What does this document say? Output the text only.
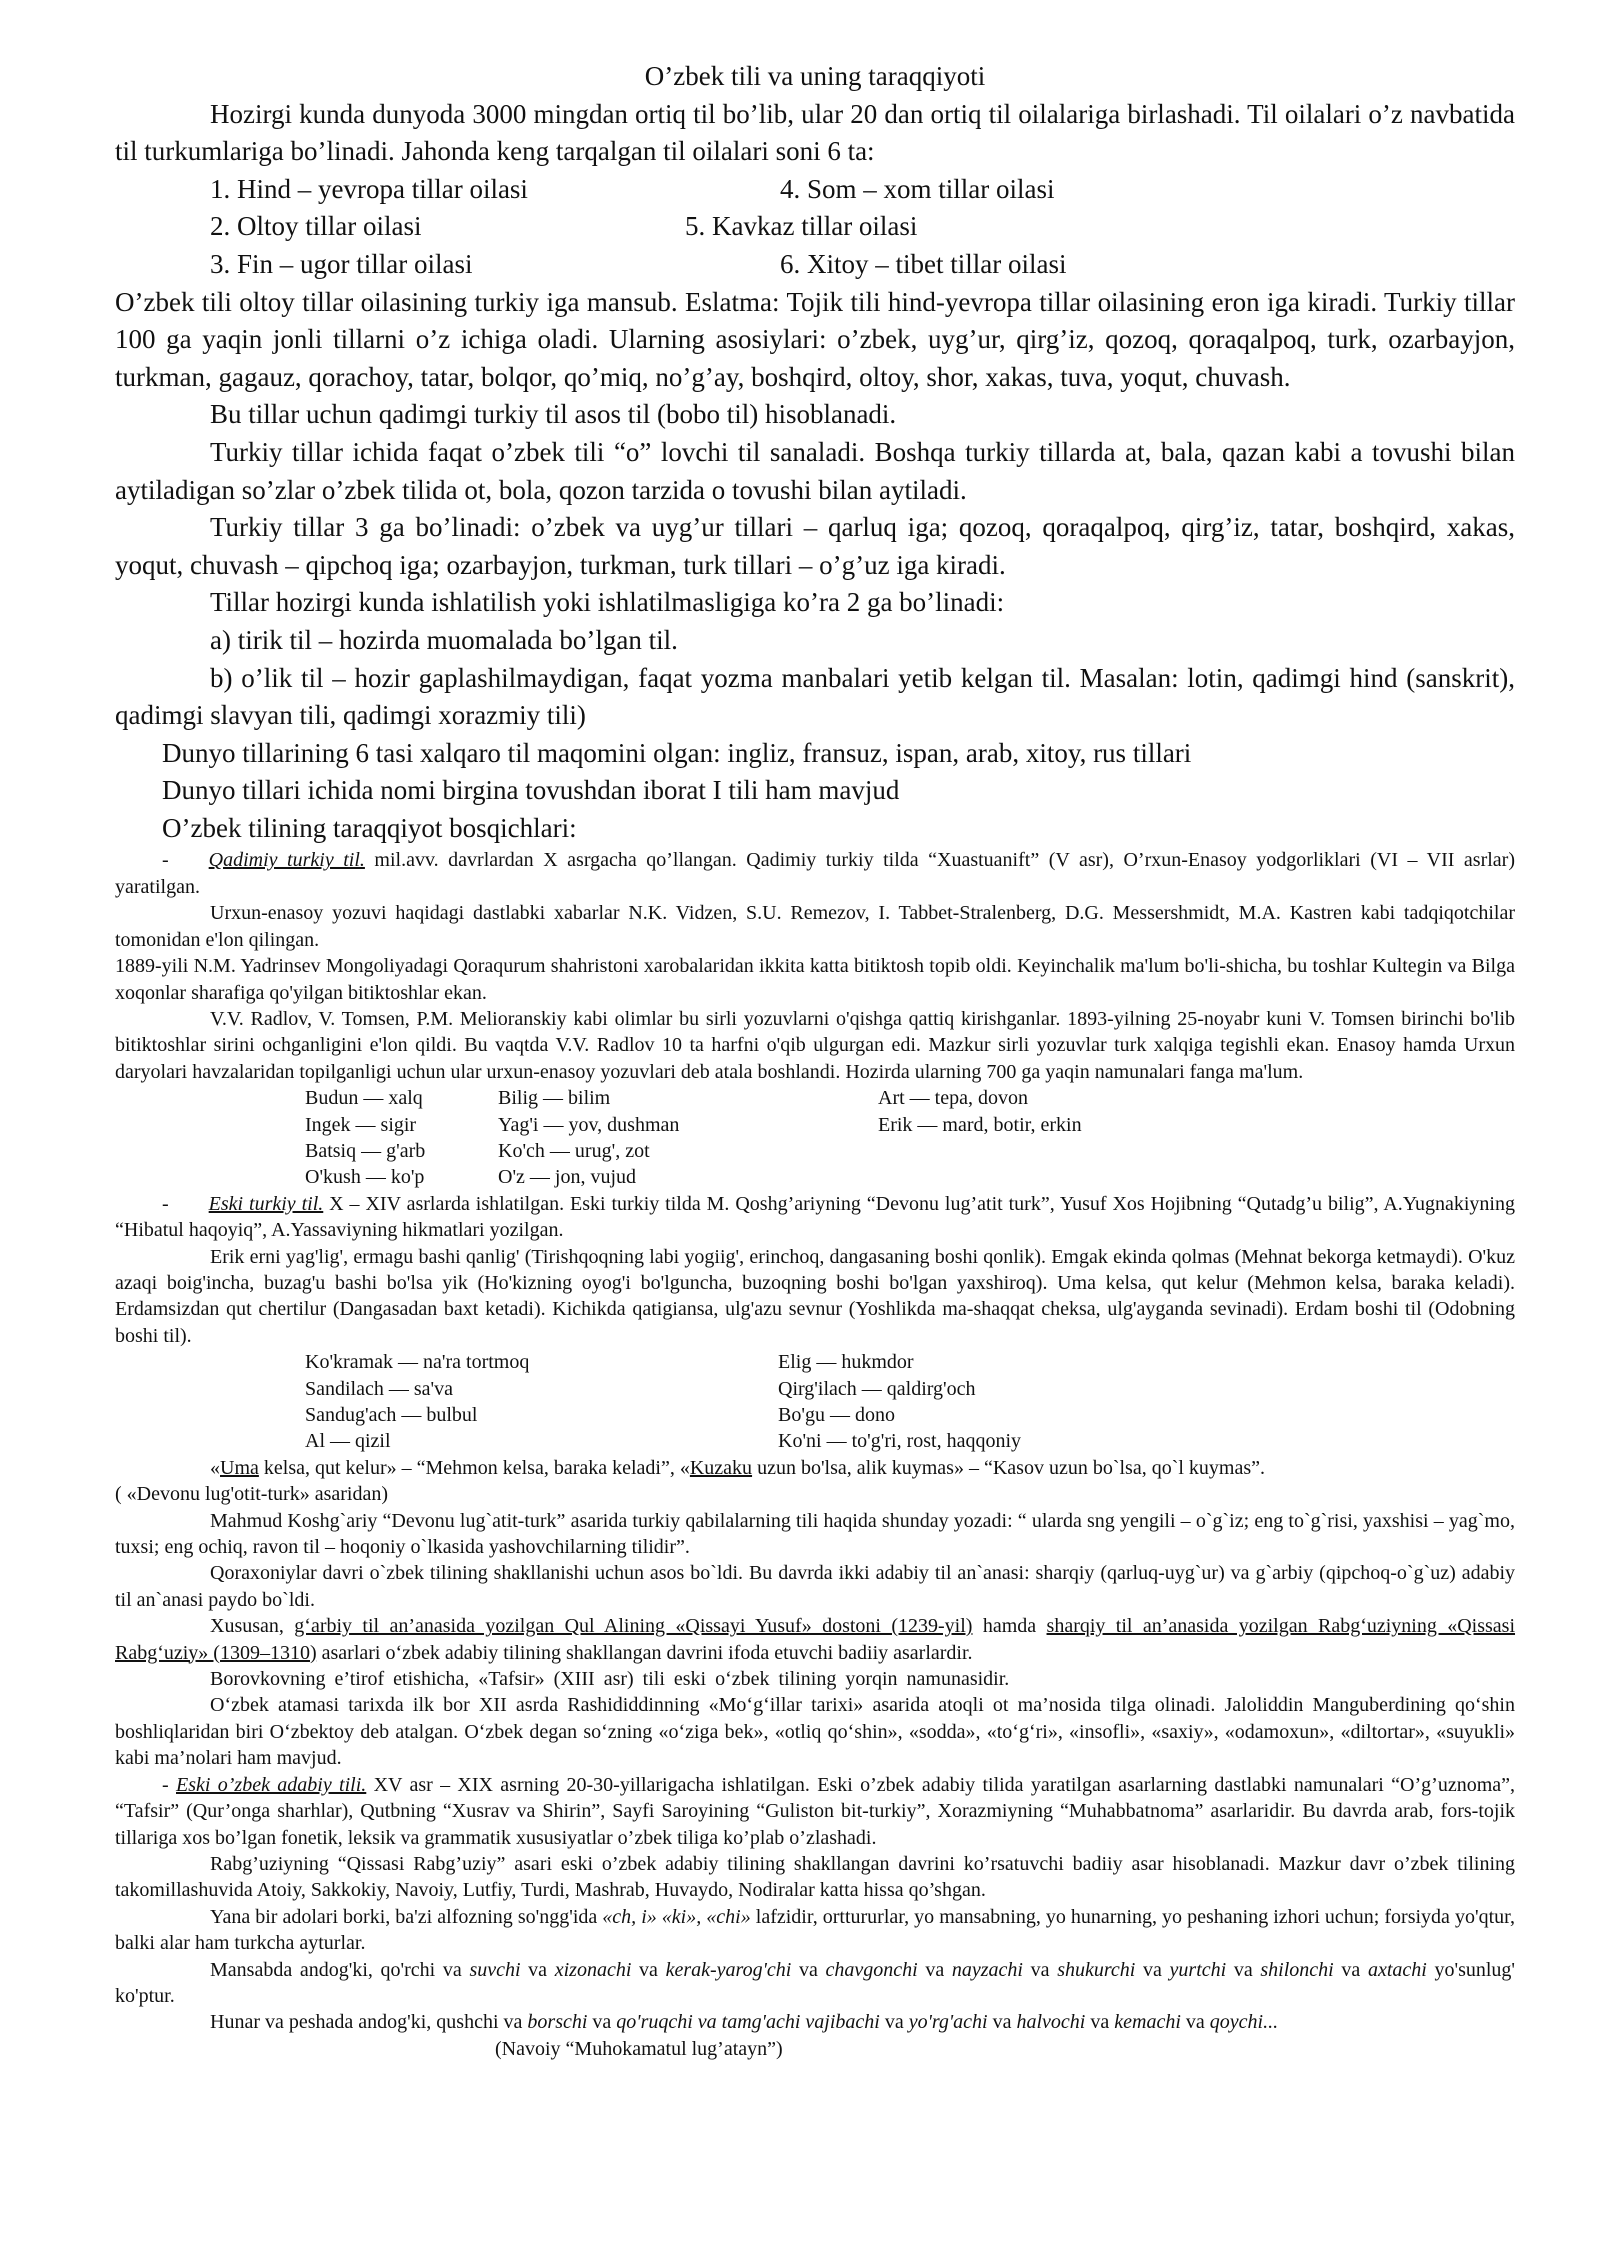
O’zbek tili va uning taraqqiyoti

Hozirgi kunda dunyoda 3000 mingdan ortiq til bo’lib, ular 20 dan ortiq til oilalariga birlashadi. Til oilalari o’z navbatida til turkumlariga bo’linadi. Jahonda keng tarqalgan til oilalari soni 6 ta:

1. Hind – yevropa tillar oilasi	4. Som – xom tillar oilasi
2. Oltoy tillar oilasi	5. Kavkaz tillar oilasi
3. Fin – ugor tillar oilasi	6. Xitoy – tibet tillar oilasi

O’zbek tili oltoy tillar oilasining turkiy iga mansub. Eslatma: Tojik tili hind-yevropa tillar oilasining eron iga kiradi. Turkiy tillar 100 ga yaqin jonli tillarni o’z ichiga oladi. Ularning asosiylari: o’zbek, uyg’ur, qirg’iz, qozoq, qoraqalpoq, turk, ozarbayjon, turkman, gagauz, qorachoy, tatar, bolqor, qo’miq, no’g’ay, boshqird, oltoy, shor, xakas, tuva, yoqut, chuvash.

Bu tillar uchun qadimgi turkiy til asos til (bobo til) hisoblanadi.

Turkiy tillar ichida faqat o’zbek tili “o” lovchi til sanaladi. Boshqa turkiy tillarda at, bala, qazan kabi a tovushi bilan aytiladigan so’zlar o’zbek tilida ot, bola, qozon tarzida o tovushi bilan aytiladi.

Turkiy tillar 3 ga bo’linadi: o’zbek va uyg’ur tillari – qarluq iga; qozoq, qoraqalpoq, qirg’iz, tatar, boshqird, xakas, yoqut, chuvash – qipchoq iga; ozarbayjon, turkman, turk tillari – o’g’uz iga kiradi.

Tillar hozirgi kunda ishlatilish yoki ishlatilmasligiga ko’ra 2 ga bo’linadi:

a) tirik til – hozirda muomalada bo’lgan til.

b) o’lik til – hozir gaplashilmaydigan, faqat yozma manbalari yetib kelgan til. Masalan: lotin, qadimgi hind (sanskrit), qadimgi slavyan tili, qadimgi xorazmiy tili)

Dunyo tillarining 6 tasi xalqaro til maqomini olgan: ingliz, fransuz, ispan, arab, xitoy, rus tillari

Dunyo tillari ichida nomi birgina tovushdan iborat I tili ham mavjud

O’zbek tilining taraqqiyot bosqichlari:

- Qadimiy turkiy til. mil.avv. davrlardan X asrgacha qo’llangan. Qadimiy turkiy tilda “Xuastuanift” (V asr), O’rxun-Enasoy yodgorliklari (VI – VII asrlar) yaratilgan.

Urxun-enasoy yozuvi haqidagi dastlabki xabarlar N.K. Vidzen, S.U. Remezov, I. Tabbet-Stralenberg, D.G. Messershmidt, M.A. Kastren kabi tadqiqotchilar tomonidan e'lon qilingan.

1889-yili N.M. Yadrinsev Mongoliyadagi Qoraqurum shahristoni xarobalaridan ikkita katta bitiktosh topib oldi. Keyinchalik ma'lum bo'li-shicha, bu toshlar Kultegin va Bilga xoqonlar sharafiga qo'yilgan bitiktoshlar ekan.

V.V. Radlov, V. Tomsen, P.M. Melioranskiy kabi olimlar bu sirli yozuvlarni o'qishga qattiq kirishganlar. 1893-yilning 25-noyabr kuni V. Tomsen birinchi bo'lib bitiktoshlar sirini ochganligini e'lon qildi. Bu vaqtda V.V. Radlov 10 ta harfni o'qib ulgurgan edi. Mazkur sirli yozuvlar turk xalqiga tegishli ekan. Enasoy hamda Urxun daryolari havzalaridan topilganligi uchun ular urxun-enasoy yozuvlari deb atala boshlandi. Hozirda ularning 700 ga yaqin namunalari fanga ma'lum.

Budun — xalq	Bilig — bilim	Art — tepa, dovon
Ingek — sigir	Yag'i — yov, dushman	Erik — mard, botir, erkin
Batsiq — g'arb	Ko'ch — urug', zot
O'kush — ko'p	O'z — jon, vujud

- Eski turkiy til. X – XIV asrlarda ishlatilgan. Eski turkiy tilda M. Qoshg’ariyning “Devonu lug’atit turk”, Yusuf Xos Hojibning “Qutadg’u bilig”, A.Yugnakiyning “Hibatul haqoyiq”, A.Yassaviyning hikmatlari yozilgan.

Erik erni yag'lig', ermagu bashi qanlig' (Tirishqoqning labi yogiig', erinchoq, dangasaning boshi qonlik). Emgak ekinda qolmas (Mehnat bekorga ketmaydi). O'kuz azaqi boig'incha, buzag'u bashi bo'lsa yik (Ho'kizning oyog'i bo'lguncha, buzoqning boshi bo'lgan yaxshiroq). Uma kelsa, qut kelur (Mehmon kelsa, baraka keladi). Erdamsizdan qut chertilur (Dangasadan baxt ketadi). Kichikda qatigiansa, ulg'azu sevnur (Yoshlikda ma-shaqqat cheksa, ulg'ayganda sevinadi). Erdam boshi til (Odobning boshi til).

Ko'kramak — na'ra tortmoq	Elig — hukmdor
Sandilach — sa'va	Qirg'ilach — qaldirg'och
Sandug'ach — bulbul	Bo'gu — dono
Al — qizil	Ko'ni — to'g'ri, rost, haqqoniy

«Uma kelsa, qut kelur» – “Mehmon kelsa, baraka keladi”, «Kuzaku uzun bo'lsa, alik kuymas» – “Kasov uzun bo`lsa, qo`l kuymas”.

( «Devonu lug'otit-turk» asaridan)

Mahmud Koshg`ariy “Devonu lug`atit-turk” asarida turkiy qabilalarning tili haqida shunday yozadi: “ ularda sng yengili – o`g`iz; eng to`g`risi, yaxshisi – yag`mo, tuxsi; eng ochiq, ravon til – hoqoniy o`lkasida yashovchilarning tilidir”.

Qoraxoniylar davri o`zbek tilining shakllanishi uchun asos bo`ldi. Bu davrda ikki adabiy til an`anasi: sharqiy (qarluq-uyg`ur) va g`arbiy (qipchoq-o`g`uz) adabiy til an`anasi paydo bo`ldi.

Xususan, g‘arbiy til an’anasida yozilgan Qul Alining «Qissayi Yusuf» dostoni (1239-yil) hamda sharqiy til an’anasida yozilgan Rabg‘uziyning «Qissasi Rabg‘uziy» (1309–1310) asarlari o‘zbek adabiy tilining shakllangan davrini ifoda etuvchi badiiy asarlardir.

Borovkovning e’tirof etishicha, «Tafsir» (XIII asr) tili eski o‘zbek tilining yorqin namunasidir.

O‘zbek atamasi tarixda ilk bor XII asrda Rashididdinning «Mo‘g‘illar tarixi» asarida atoqli ot ma’nosida tilga olinadi. Jaloliddin Manguberdining qo‘shin boshliqlaridan biri O‘zbektoy deb atalgan. O‘zbek degan so‘zning «o‘ziga bek», «otliq qo‘shin», «sodda», «to‘g‘ri», «insofli», «saxiy», «odamoxun», «diltortar», «suyukli» kabi ma’nolari ham mavjud.

- Eski o’zbek adabiy tili. XV asr – XIX asrning 20-30-yillarigacha ishlatilgan. Eski o’zbek adabiy tilida yaratilgan asarlarning dastlabki namunalari “O’g’uznoma”, “Tafsir” (Qur’onga sharhlar), Qutbning “Xusrav va Shirin”, Sayfi Saroyining “Guliston bit-turkiy”, Xorazmiyning “Muhabbatnoma” asarlaridir. Bu davrda arab, fors-tojik tillariga xos bo’lgan fonetik, leksik va grammatik xususiyatlar o’zbek tiliga ko’plab o’zlashadi.

Rabg’uziyning “Qissasi Rabg’uziy” asari eski o’zbek adabiy tilining shakllangan davrini ko’rsatuvchi badiiy asar hisoblanadi. Mazkur davr o’zbek tilining takomillashuvida Atoiy, Sakkokiy, Navoiy, Lutfiy, Turdi, Mashrab, Huvaydo, Nodiralar katta hissa qo’shgan.

Yana bir adolari borki, ba'zi alfozning so'ngg'ida «ch, i» «ki», «chi» lafzidir, orttururlar, yo mansabning, yo hunarning, yo peshaning izhori uchun; forsiyda yo'qtur, balki alar ham turkcha ayturlar.

Mansabda andog'ki, qo'rchi va suvchi va xizonachi va kerak-yarog'chi va chavgonchi va nayzachi va shukurchi va yurtchi va shilonchi va axtachi yo'sunlug' ko'ptur.

Hunar va peshada andog'ki, qushchi va borschi va qo'ruqchi va tamg'achi vajibachi va yo'rg'achi va halvochi va kemachi va qoychi...

(Navoiy “Muhokamatul lug’atayn”)
